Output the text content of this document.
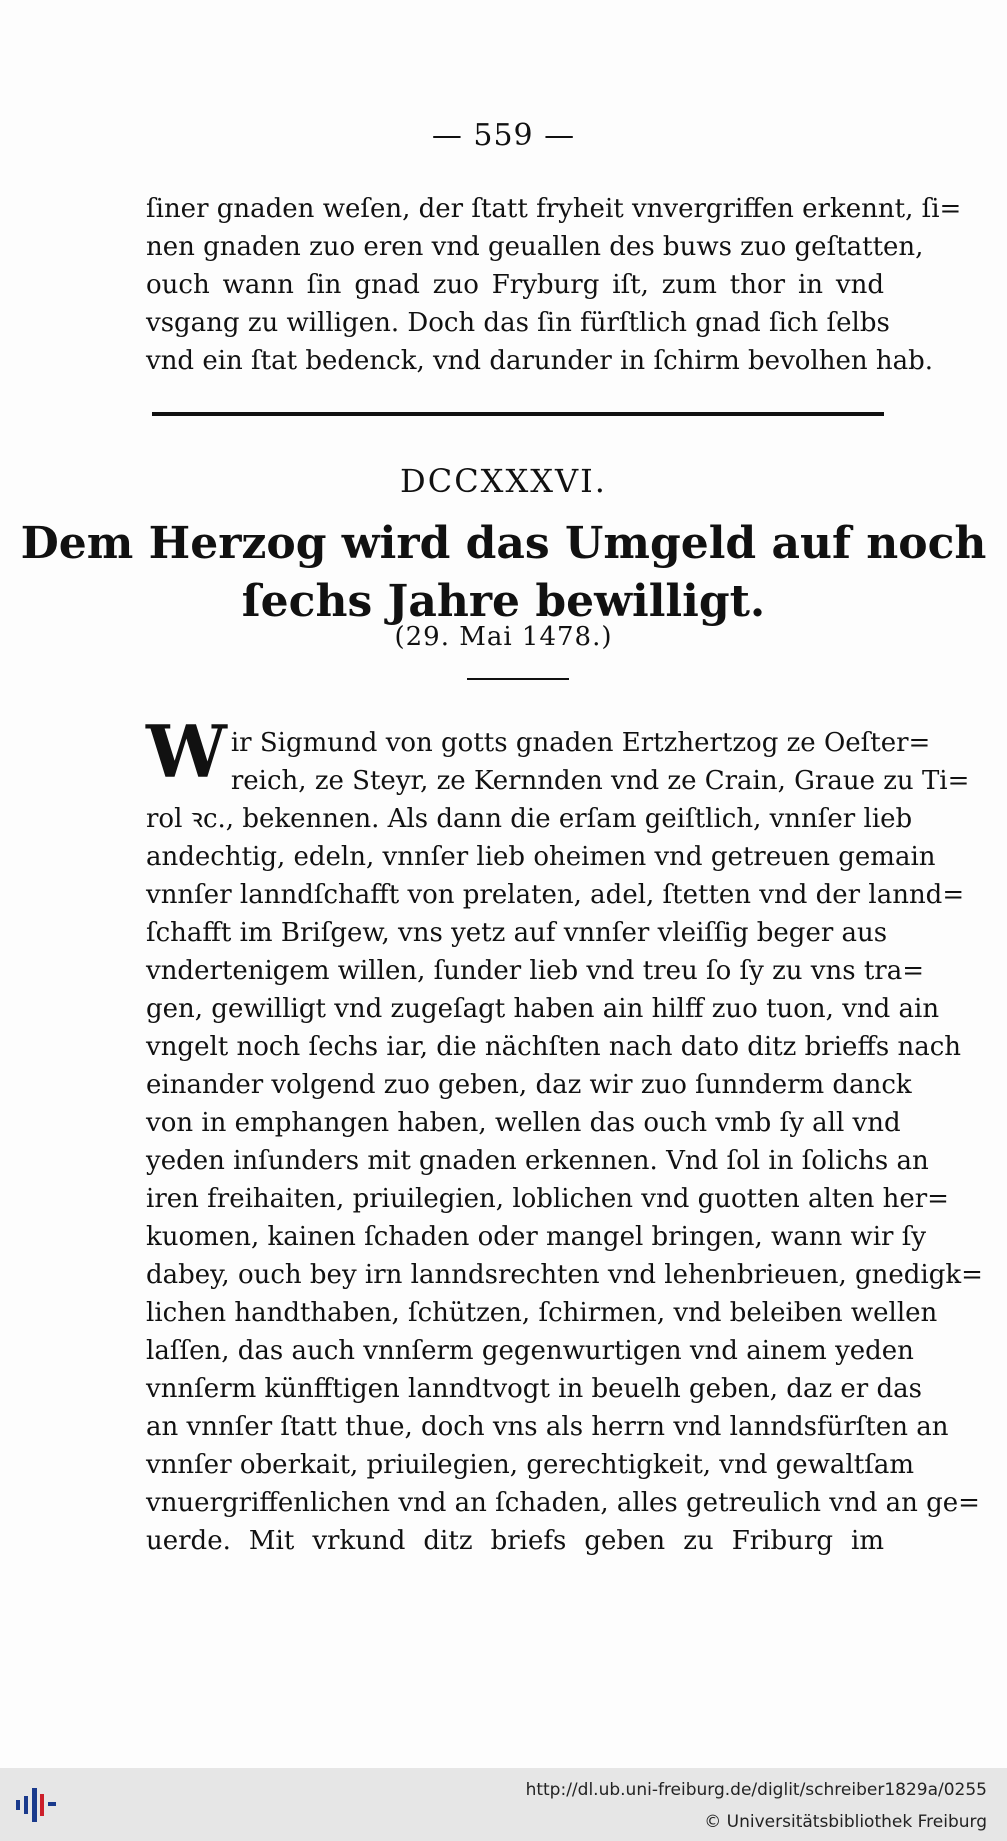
— 559 —
ſiner gnaden weſen, der ſtatt fryheit vnvergriffen erkennt, ſi=
nen gnaden zuo eren vnd geuallen des buws zuo geſtatten,
ouch wann ſin gnad zuo Fryburg iſt, zum thor in vnd
vsgang zu willigen. Doch das ſin fürſtlich gnad ſich ſelbs
vnd ein ſtat bedenck, vnd darunder in ſchirm bevolhen hab.
DCCXXXVI.
Dem Herzog wird das Umgeld auf noch
ſechs Jahre bewilligt.
(29. Mai 1478.)
W ir Sigmund von gotts gnaden Ertzhertzog ze Oeſter=
reich, ze Steyr, ze Kernnden vnd ze Crain, Graue zu Ti=
rol ꝛc., bekennen. Als dann die erſam geiſtlich, vnnſer lieb
andechtig, edeln, vnnſer lieb oheimen vnd getreuen gemain
vnnſer lanndſchafft von prelaten, adel, ſtetten vnd der lannd=
ſchafft im Briſgew, vns yetz auf vnnſer vleiſſig beger aus
vndertenigem willen, ſunder lieb vnd treu ſo ſy zu vns tra=
gen, gewilligt vnd zugeſagt haben ain hilff zuo tuon, vnd ain
vngelt noch ſechs iar, die nächſten nach dato ditz brieffs nach
einander volgend zuo geben, daz wir zuo ſunnderm danck
von in emphangen haben, wellen das ouch vmb ſy all vnd
yeden inſunders mit gnaden erkennen. Vnd ſol in ſolichs an
iren freihaiten, priuilegien, loblichen vnd guotten alten her=
kuomen, kainen ſchaden oder mangel bringen, wann wir ſy
dabey, ouch bey irn lanndsrechten vnd lehenbrieuen, gnedigk=
lichen handthaben, ſchützen, ſchirmen, vnd beleiben wellen
laſſen, das auch vnnſerm gegenwurtigen vnd ainem yeden
vnnſerm künfftigen lanndtvogt in beuelh geben, daz er das
an vnnſer ſtatt thue, doch vns als herrn vnd lanndsfürſten an
vnnſer oberkait, priuilegien, gerechtigkeit, vnd gewaltſam
vnuergriffenlichen vnd an ſchaden, alles getreulich vnd an ge=
uerde. Mit vrkund ditz briefs geben zu Friburg im
http://dl.ub.uni-freiburg.de/diglit/schreiber1829a/0255
© Universitätsbibliothek Freiburg
